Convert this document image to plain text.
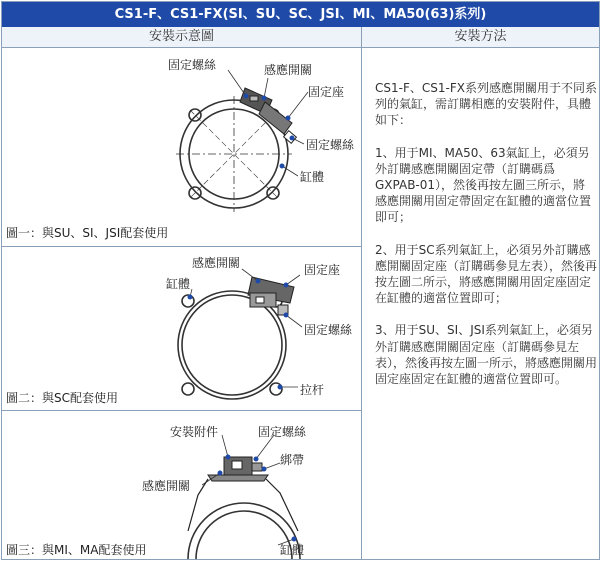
CS1-F、CS1-FX(SI、SU、SC、JSI、MI、MA50(63)系列)
安裝示意圖	安裝方法
固定螺絲	感應開關
固定座
固定螺絲
缸體
圖一：與SU、SI、JSI配套使用
感應開關	固定座
缸體
固定螺絲
拉杆
圖二：與SC配套使用
安裝附件	固定螺絲
綁帶
感應開關
缸體
圖三：與MI、MA配套使用

CS1-F、CS1-FX系列感應開關用于不同系列的氣缸，需訂購相應的安裝附件，具體如下：

1、用于MI、MA50、63氣缸上，必須另外訂購感應開關固定帶（訂購碼爲GXPAB-01），然後再按左圖三所示，將感應開關用固定帶固定在缸體的適當位置即可；

2、用于SC系列氣缸上，必須另外訂購感應開關固定座（訂購碼參見左表），然後再按左圖二所示，將感應開關用固定座固定在缸體的適當位置即可；

3、用于SU、SI、JSI系列氣缸上，必須另外訂購感應開關固定座（訂購碼參見左表），然後再按左圖一所示，將感應開關用固定座固定在缸體的適當位置即可。
